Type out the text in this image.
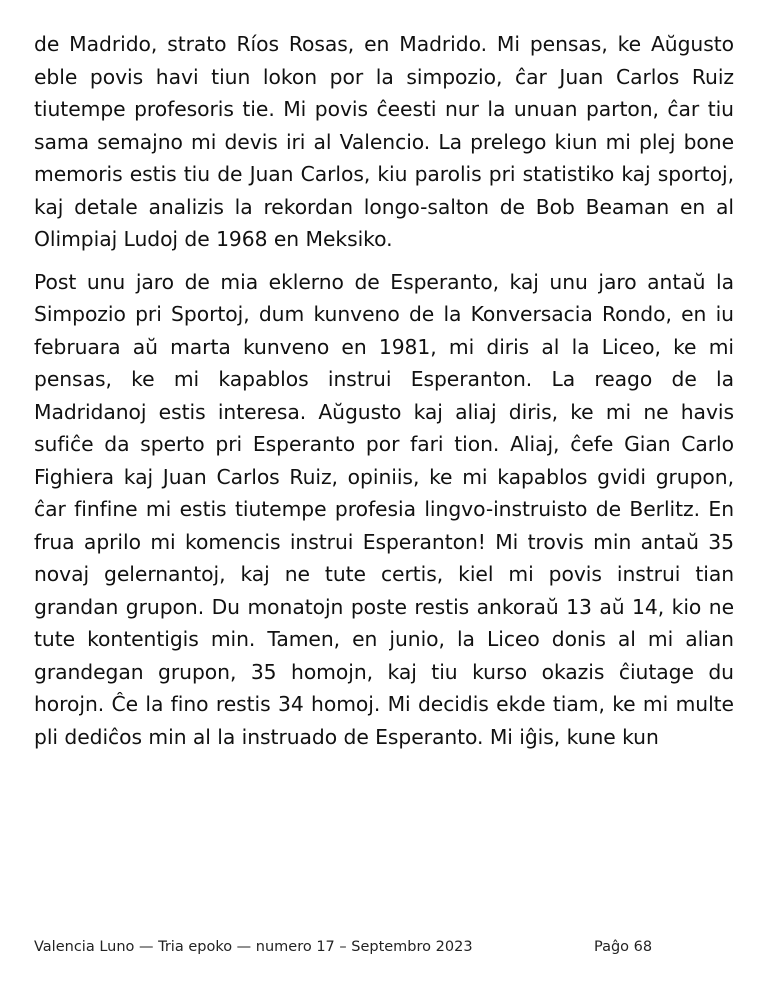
de Madrido, strato Ríos Rosas, en Madrido. Mi pensas, ke Aŭgusto eble povis havi tiun lokon por la simpozio, ĉar Juan Carlos Ruiz tiutempe profesoris tie. Mi povis ĉeesti nur la unuan parton, ĉar tiu sama semajno mi devis iri al Valencio. La prelego kiun mi plej bone memoris estis tiu de Juan Carlos, kiu parolis pri statistiko kaj sportoj, kaj detale analizis la rekordan longo-salton de Bob Beaman en al Olimpiaj Ludoj de 1968 en Meksiko.

Post unu jaro de mia eklerno de Esperanto, kaj unu jaro antaŭ la Simpozio pri Sportoj, dum kunveno de la Konversacia Rondo, en iu februara aŭ marta kunveno en 1981, mi diris al la Liceo, ke mi pensas, ke mi kapablos instrui Esperanton. La reago de la Madridanoj estis interesa. Aŭgusto kaj aliaj diris, ke mi ne havis sufiĉe da sperto pri Esperanto por fari tion. Aliaj, ĉefe Gian Carlo Fighiera kaj Juan Carlos Ruiz, opiniis, ke mi kapablos gvidi grupon, ĉar finfine mi estis tiutempe profesia lingvo-instruisto de Berlitz. En frua aprilo mi komencis instrui Esperanton! Mi trovis min antaŭ 35 novaj gelernantoj, kaj ne tute certis, kiel mi povis instrui tian grandan grupon. Du monatojn poste restis ankoraŭ 13 aŭ 14, kio ne tute kontentigis min. Tamen, en junio, la Liceo donis al mi alian grandegan grupon, 35 homojn, kaj tiu kurso okazis ĉiutage du horojn. Ĉe la fino restis 34 homoj. Mi decidis ekde tiam, ke mi multe pli dediĉos min al la instruado de Esperanto. Mi iĝis, kune kun

Valencia Luno — Tria epoko — numero 17 – Septembro 2023	Paĝo 68
